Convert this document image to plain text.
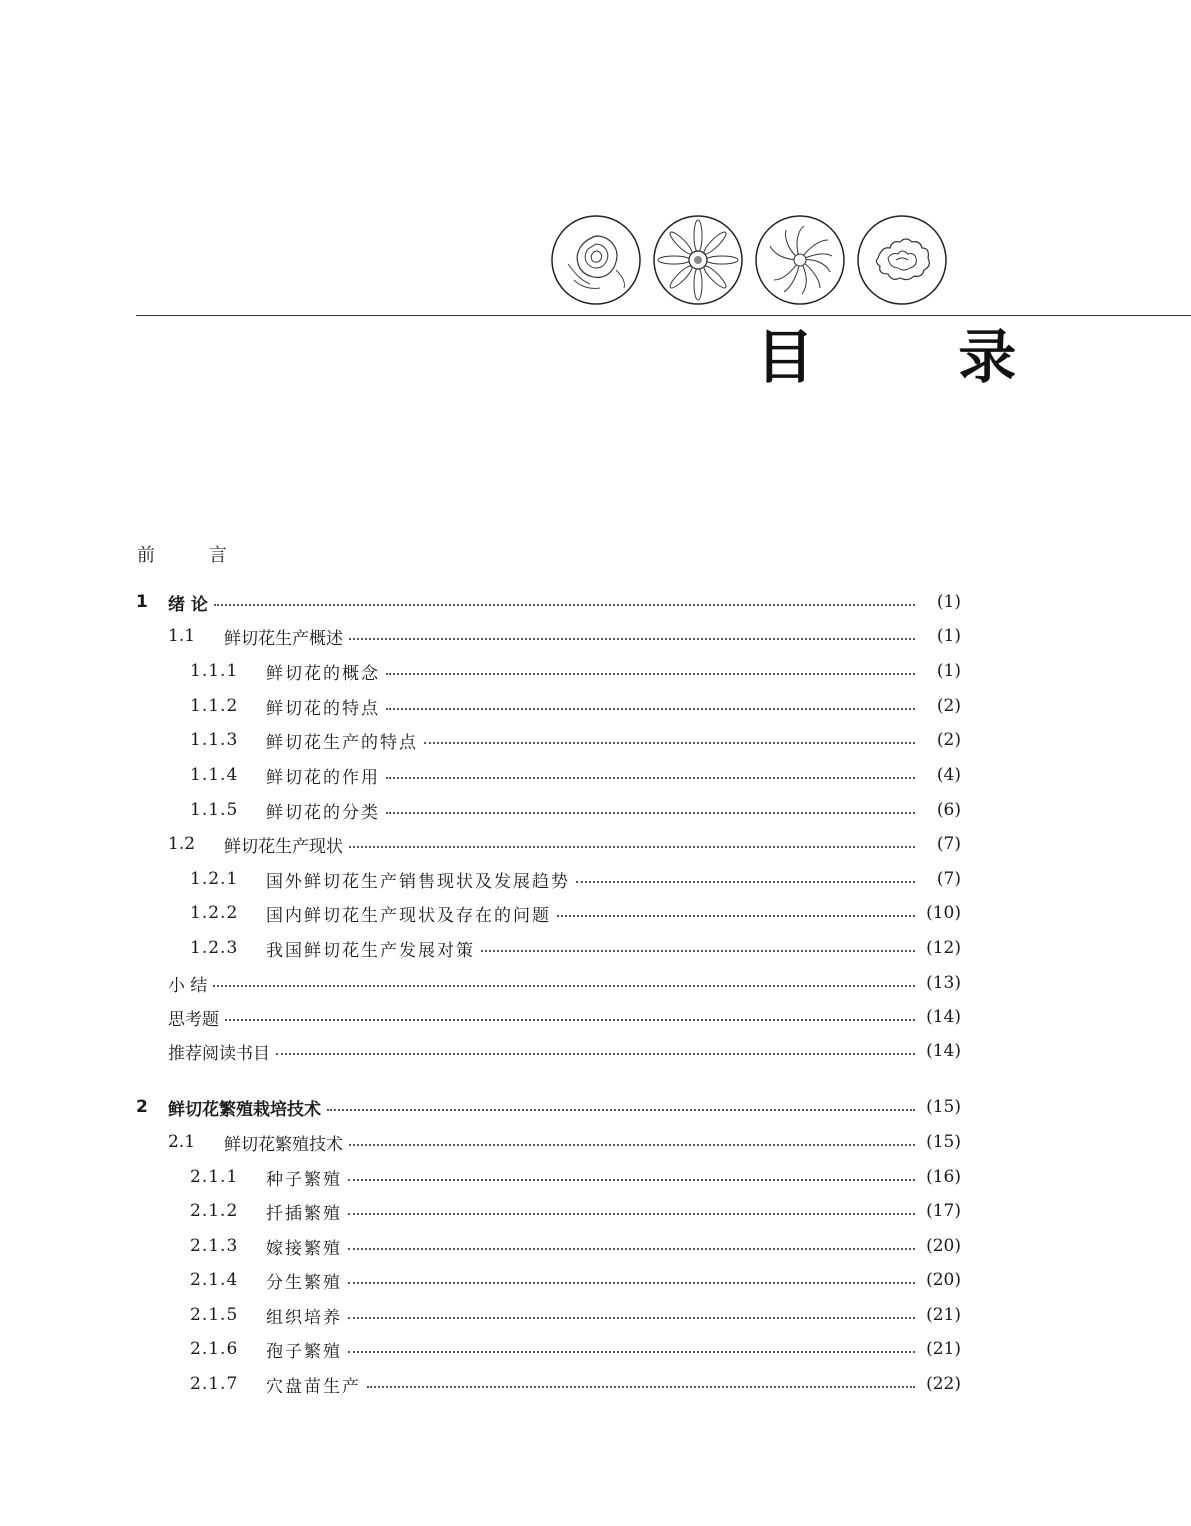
目 录
前 言
1	绪 论	(1)
1.1	鲜切花生产概述	(1)
1.1.1	鲜切花的概念	(1)
1.1.2	鲜切花的特点	(2)
1.1.3	鲜切花生产的特点	(2)
1.1.4	鲜切花的作用	(4)
1.1.5	鲜切花的分类	(6)
1.2	鲜切花生产现状	(7)
1.2.1	国外鲜切花生产销售现状及发展趋势	(7)
1.2.2	国内鲜切花生产现状及存在的问题	(10)
1.2.3	我国鲜切花生产发展对策	(12)
小 结	(13)
思考题	(14)
推荐阅读书目	(14)
2	鲜切花繁殖栽培技术	(15)
2.1	鲜切花繁殖技术	(15)
2.1.1	种子繁殖	(16)
2.1.2	扦插繁殖	(17)
2.1.3	嫁接繁殖	(20)
2.1.4	分生繁殖	(20)
2.1.5	组织培养	(21)
2.1.6	孢子繁殖	(21)
2.1.7	穴盘苗生产	(22)
